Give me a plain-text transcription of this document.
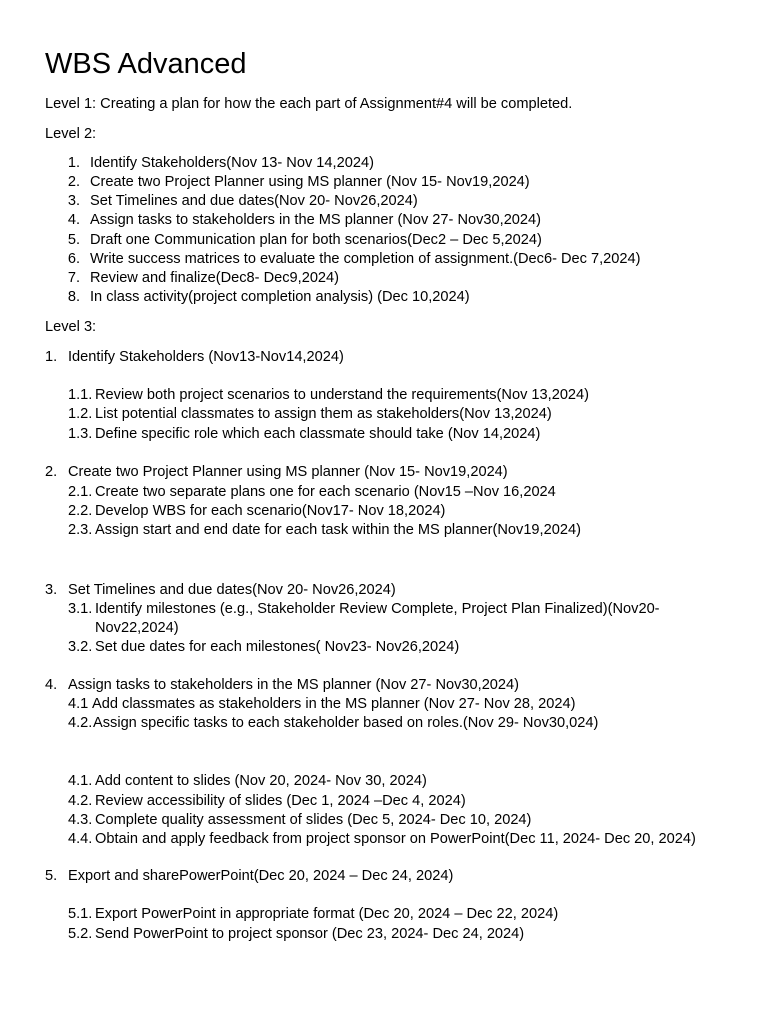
WBS Advanced
Level 1: Creating a plan for how the each part of Assignment#4 will be completed.
Level 2:
1. Identify Stakeholders(Nov 13- Nov 14,2024)
2. Create two Project Planner using MS planner (Nov 15- Nov19,2024)
3. Set Timelines and due dates(Nov 20- Nov26,2024)
4. Assign tasks to stakeholders in the MS planner (Nov 27- Nov30,2024)
5. Draft one Communication plan for both scenarios(Dec2 – Dec 5,2024)
6. Write success matrices to evaluate the completion of assignment.(Dec6- Dec 7,2024)
7. Review and finalize(Dec8- Dec9,2024)
8. In class activity(project completion analysis) (Dec 10,2024)
Level 3:
1. Identify Stakeholders (Nov13-Nov14,2024)
1.1. Review both project scenarios to understand the requirements(Nov 13,2024)
1.2. List potential classmates to assign them as stakeholders(Nov 13,2024)
1.3. Define specific role which each classmate should take (Nov 14,2024)
2. Create two Project Planner using MS planner (Nov 15- Nov19,2024)
2.1. Create two separate plans one for each scenario (Nov15 –Nov 16,2024
2.2. Develop WBS for each scenario(Nov17- Nov 18,2024)
2.3. Assign start and end date for each task within the MS planner(Nov19,2024)
3. Set Timelines and due dates(Nov 20- Nov26,2024)
3.1. Identify milestones (e.g., Stakeholder Review Complete, Project Plan Finalized)(Nov20-
Nov22,2024)
3.2. Set due dates for each milestones( Nov23- Nov26,2024)
4. Assign tasks to stakeholders in the MS planner (Nov 27- Nov30,2024)
4.1 Add classmates as stakeholders in the MS planner (Nov 27- Nov 28, 2024)
4.2. Assign specific tasks to each stakeholder based on roles.(Nov 29- Nov30,024)
4.1. Add content to slides (Nov 20, 2024- Nov 30, 2024)
4.2. Review accessibility of slides (Dec 1, 2024 –Dec 4, 2024)
4.3. Complete quality assessment of slides (Dec 5, 2024- Dec 10, 2024)
4.4. Obtain and apply feedback from project sponsor on PowerPoint(Dec 11, 2024- Dec 20, 2024)
5. Export and sharePowerPoint(Dec 20, 2024 – Dec 24, 2024)
5.1. Export PowerPoint in appropriate format (Dec 20, 2024 – Dec 22, 2024)
5.2. Send PowerPoint to project sponsor (Dec 23, 2024- Dec 24, 2024)
